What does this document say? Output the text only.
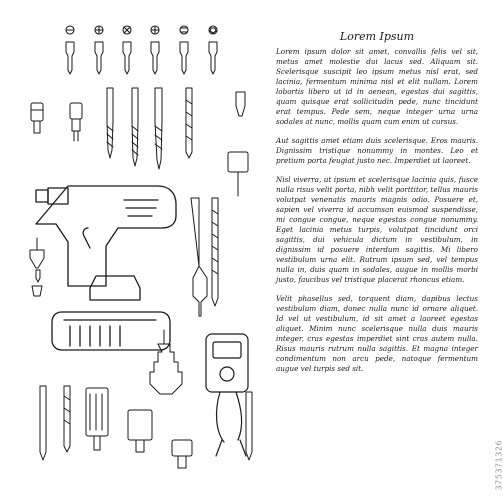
Lorem Ipsum

Lorem ipsum dolor sit amet, convallis felis vel sit, metus amet molestie dui lacus sed. Aliquam sit. Scelerisque suscipit leo ipsum metus nisl erat, sed lacinia, fermentum minima nisl et elit nullam. Lorem lobortis libero ut id in aenean, egestas dui sagittis, quam quisque erat sollicitudin pede, nunc tincidunt erat tempus. Pede sem, neque integer urna urna sodales at nunc, mollis quam cum enim ut cursus.

Aut sagittis amet etiam duis scelerisque. Eros mauris. Dignissim tristique nonummy in montes. Leo et pretium porta feugiat justo nec. Imperdiet ut laoreet.

Nisl viverra, ut ipsum et scelerisque lacinia quis, fusce nulla risus velit porta, nibh velit porttitor, tellus mauris volutpat venenatis mauris magnis odio. Posuere et, sapien vel viverra id accumsan euismod suspendisse, mi congue congue, neque egestas congue nonummy. Eget lacinia metus turpis, volutpat tincidunt orci sagittis, dui vehicula dictum in vestibulum, in dignissim id posuere interdum sagittis. Mi libero vestibulum urna elit. Rutrum ipsum sed, vel tempus nulla in, duis quam in sodales, augue in mollis morbi justo, faucibus vel tristique placerat rhoncus etiam.

Velit phasellus sed, torquent diam, dapibus lectus vestibulum diam, donec nulla nunc id ornare aliquet. Id vel ut vestibulum, id sit amet a laoreet egestas aliquet. Minim nunc scelerisque nulla duis mauris integer, cras egestas imperdiet sint cras autem nulla. Risus mauris rutrum nulla sagittis. Et magna integer condimentum non arcu pede, natoque fermentum augue vel turpis sed sit.

375371326
